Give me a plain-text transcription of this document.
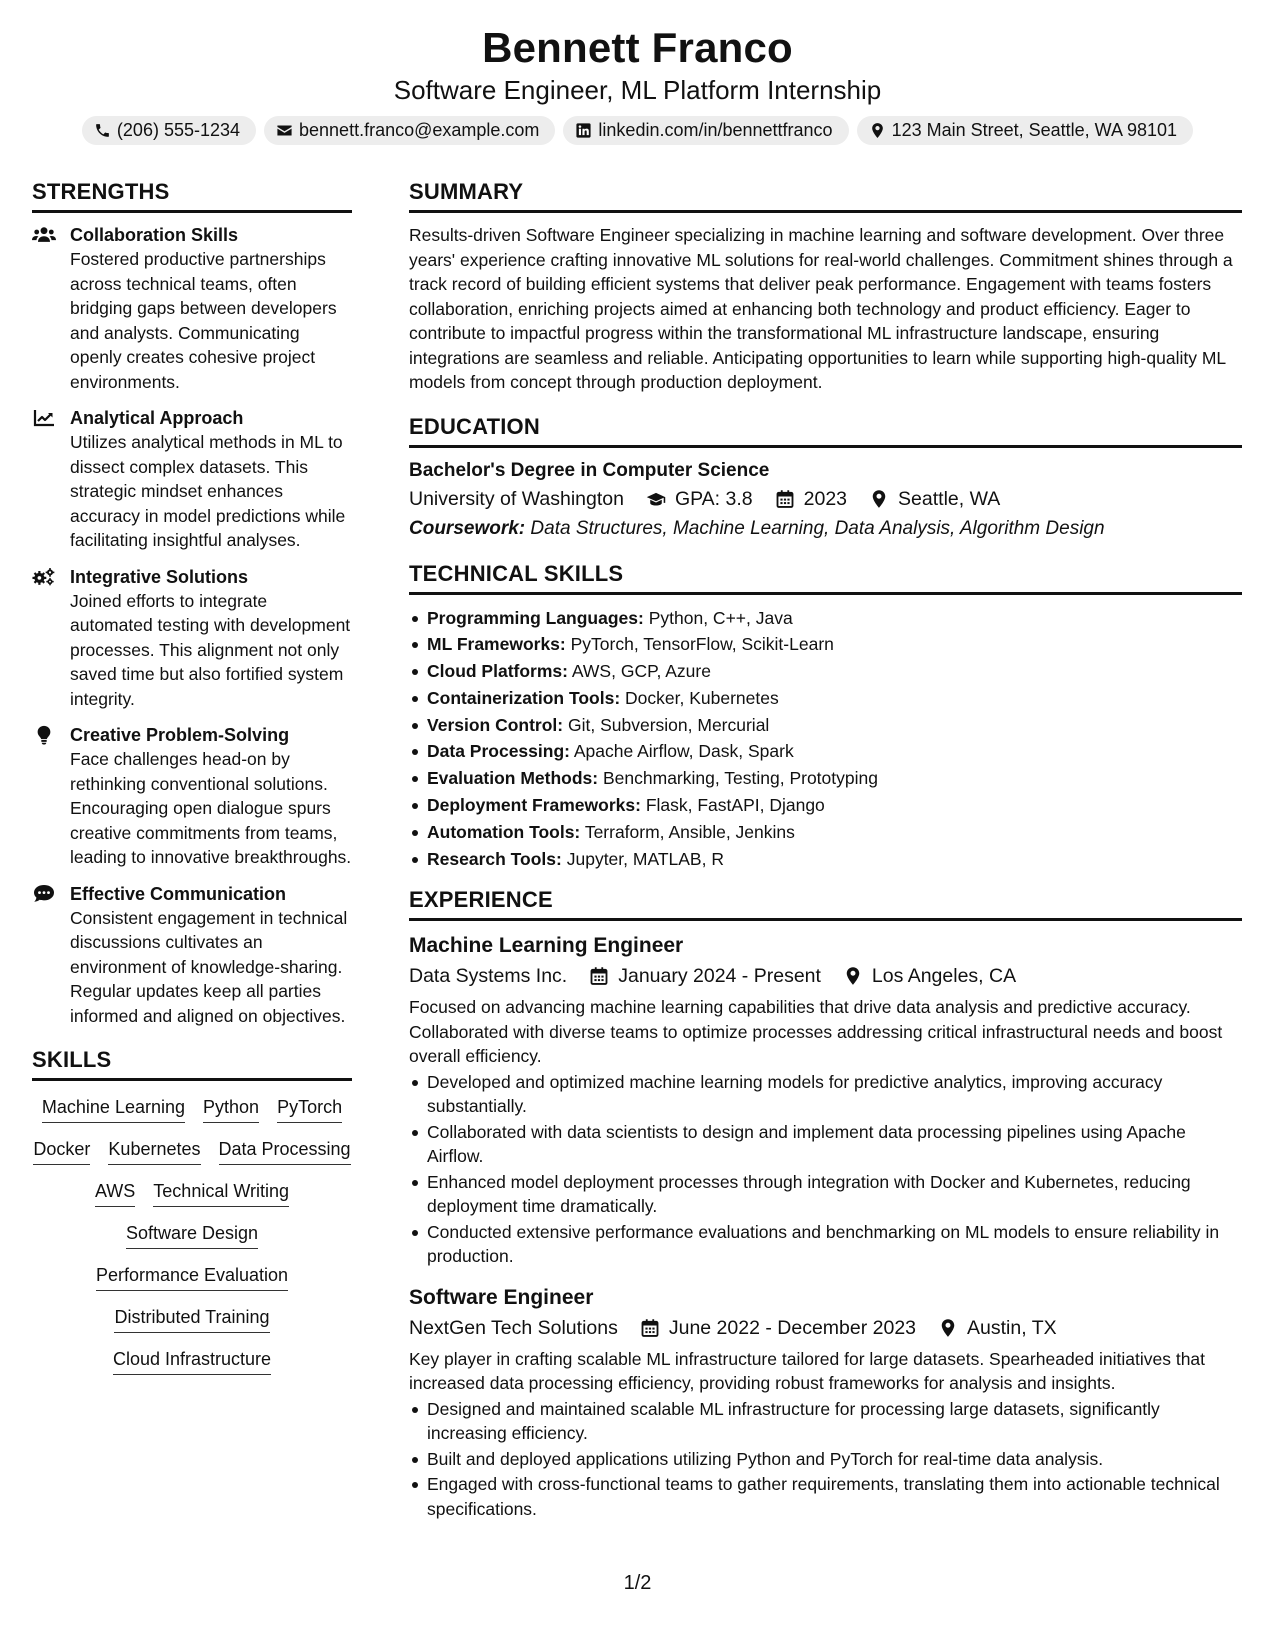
Bennett Franco
Software Engineer, ML Platform Internship
(206) 555-1234	bennett.franco@example.com	linkedin.com/in/bennettfranco	123 Main Street, Seattle, WA 98101
STRENGTHS
Collaboration Skills
Fostered productive partnerships across technical teams, often bridging gaps between developers and analysts. Communicating openly creates cohesive project environments.
Analytical Approach
Utilizes analytical methods in ML to dissect complex datasets. This strategic mindset enhances accuracy in model predictions while facilitating insightful analyses.
Integrative Solutions
Joined efforts to integrate automated testing with development processes. This alignment not only saved time but also fortified system integrity.
Creative Problem-Solving
Face challenges head-on by rethinking conventional solutions. Encouraging open dialogue spurs creative commitments from teams, leading to innovative breakthroughs.
Effective Communication
Consistent engagement in technical discussions cultivates an environment of knowledge-sharing. Regular updates keep all parties informed and aligned on objectives.
SKILLS
Machine Learning Python PyTorch
Docker Kubernetes Data Processing
AWS Technical Writing
Software Design
Performance Evaluation
Distributed Training
Cloud Infrastructure
SUMMARY
Results-driven Software Engineer specializing in machine learning and software development. Over three years' experience crafting innovative ML solutions for real-world challenges. Commitment shines through a track record of building efficient systems that deliver peak performance. Engagement with teams fosters collaboration, enriching projects aimed at enhancing both technology and product efficiency. Eager to contribute to impactful progress within the transformational ML infrastructure landscape, ensuring integrations are seamless and reliable. Anticipating opportunities to learn while supporting high-quality ML models from concept through production deployment.
EDUCATION
Bachelor's Degree in Computer Science
University of Washington	GPA: 3.8	2023	Seattle, WA
Coursework: Data Structures, Machine Learning, Data Analysis, Algorithm Design
TECHNICAL SKILLS
Programming Languages: Python, C++, Java
ML Frameworks: PyTorch, TensorFlow, Scikit-Learn
Cloud Platforms: AWS, GCP, Azure
Containerization Tools: Docker, Kubernetes
Version Control: Git, Subversion, Mercurial
Data Processing: Apache Airflow, Dask, Spark
Evaluation Methods: Benchmarking, Testing, Prototyping
Deployment Frameworks: Flask, FastAPI, Django
Automation Tools: Terraform, Ansible, Jenkins
Research Tools: Jupyter, MATLAB, R
EXPERIENCE
Machine Learning Engineer
Data Systems Inc.	January 2024 - Present	Los Angeles, CA
Focused on advancing machine learning capabilities that drive data analysis and predictive accuracy. Collaborated with diverse teams to optimize processes addressing critical infrastructural needs and boost overall efficiency.
Developed and optimized machine learning models for predictive analytics, improving accuracy substantially.
Collaborated with data scientists to design and implement data processing pipelines using Apache Airflow.
Enhanced model deployment processes through integration with Docker and Kubernetes, reducing deployment time dramatically.
Conducted extensive performance evaluations and benchmarking on ML models to ensure reliability in production.
Software Engineer
NextGen Tech Solutions	June 2022 - December 2023	Austin, TX
Key player in crafting scalable ML infrastructure tailored for large datasets. Spearheaded initiatives that increased data processing efficiency, providing robust frameworks for analysis and insights.
Designed and maintained scalable ML infrastructure for processing large datasets, significantly increasing efficiency.
Built and deployed applications utilizing Python and PyTorch for real-time data analysis.
Engaged with cross-functional teams to gather requirements, translating them into actionable technical specifications.
1/2
